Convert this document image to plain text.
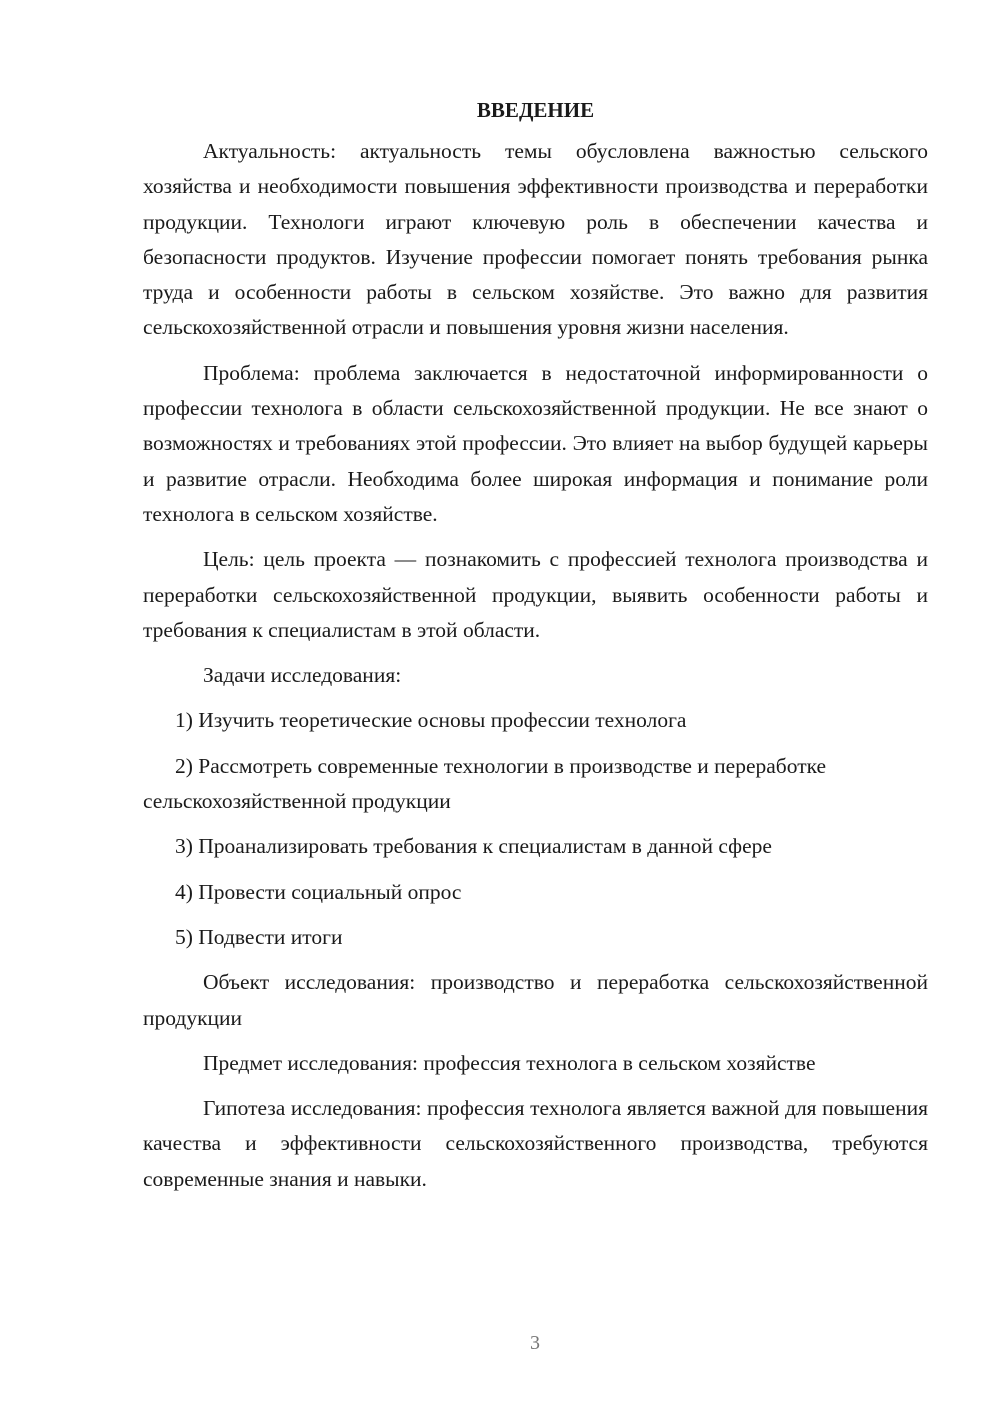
ВВЕДЕНИЕ

Актуальность: актуальность темы обусловлена важностью сельского хозяйства и необходимости повышения эффективности производства и переработки продукции. Технологи играют ключевую роль в обеспечении качества и безопасности продуктов. Изучение профессии помогает понять требования рынка труда и особенности работы в сельском хозяйстве. Это важно для развития сельскохозяйственной отрасли и повышения уровня жизни населения.

Проблема: проблема заключается в недостаточной информированности о профессии технолога в области сельскохозяйственной продукции. Не все знают о возможностях и требованиях этой профессии. Это влияет на выбор будущей карьеры и развитие отрасли. Необходима более широкая информация и понимание роли технолога в сельском хозяйстве.

Цель: цель проекта — познакомить с профессией технолога производства и переработки сельскохозяйственной продукции, выявить особенности работы и требования к специалистам в этой области.

Задачи исследования:

1) Изучить теоретические основы профессии технолога

2) Рассмотреть современные технологии в производстве и переработке сельскохозяйственной продукции

3) Проанализировать требования к специалистам в данной сфере

4) Провести социальный опрос

5) Подвести итоги

Объект исследования: производство и переработка сельскохозяйственной продукции

Предмет исследования: профессия технолога в сельском хозяйстве

Гипотеза исследования: профессия технолога является важной для повышения качества и эффективности сельскохозяйственного производства, требуются современные знания и навыки.

3
